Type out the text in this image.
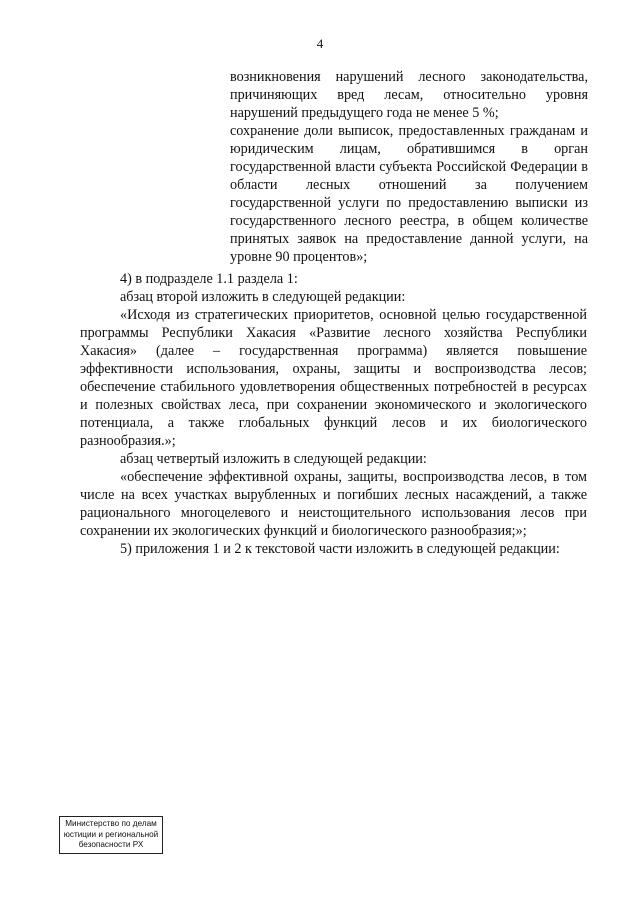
4
возникновения нарушений лесного законодательства,
причиняющих вред лесам, относительно уровня
нарушений предыдущего года не менее 5 %;
сохранение доли выписок, предоставленных гражданам и
юридическим лицам, обратившимся в орган
государственной власти субъекта Российской Федерации в
области лесных отношений за получением
государственной услуги по предоставлению выписки из
государственного лесного реестра, в общем количестве
принятых заявок на предоставление данной услуги, на
уровне 90 процентов»;
4) в подразделе 1.1 раздела 1:
абзац второй изложить в следующей редакции:
«Исходя из стратегических приоритетов, основной целью государственной
программы Республики Хакасия «Развитие лесного хозяйства Республики
Хакасия» (далее – государственная программа) является повышение
эффективности использования, охраны, защиты и воспроизводства лесов;
обеспечение стабильного удовлетворения общественных потребностей в ресурсах
и полезных свойствах леса, при сохранении экономического и экологического
потенциала, а также глобальных функций лесов и их биологического
разнообразия.»;
абзац четвертый изложить в следующей редакции:
«обеспечение эффективной охраны, защиты, воспроизводства лесов, в том
числе на всех участках вырубленных и погибших лесных насаждений, а также
рационального многоцелевого и неистощительного использования лесов при
сохранении их экологических функций и биологического разнообразия;»;
5) приложения 1 и 2 к текстовой части изложить в следующей редакции:
Министерство по делам
юстиции и региональной
безопасности РХ
